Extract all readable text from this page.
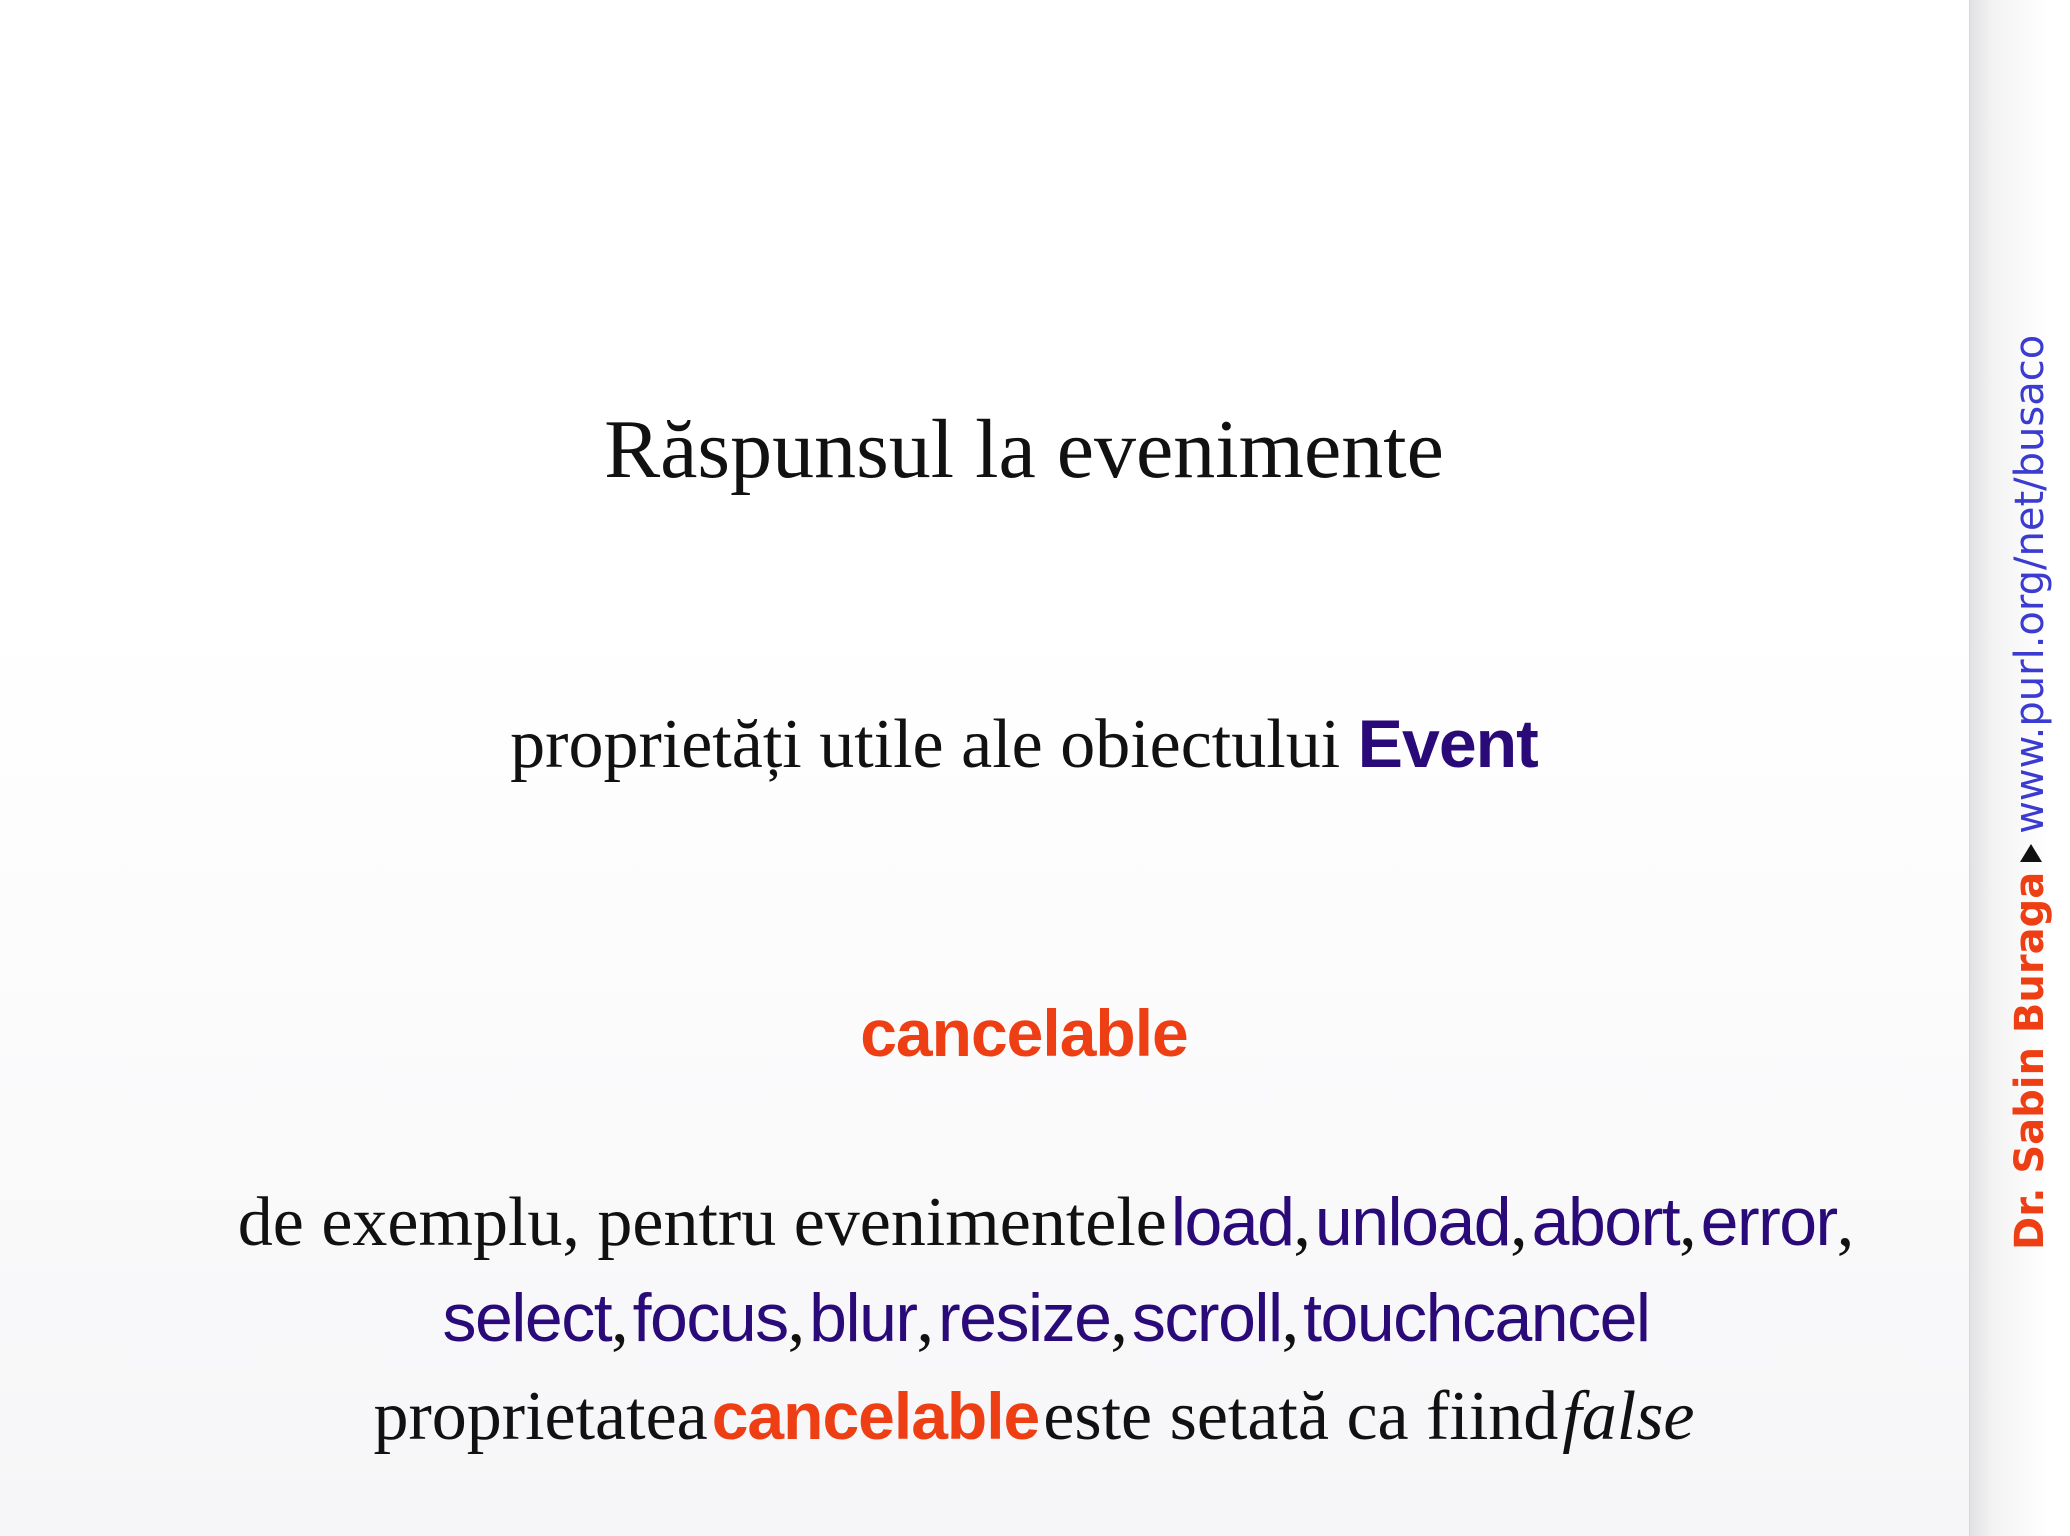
Răspunsul la evenimente
proprietăți utile ale obiectului Event
cancelable
de exemplu, pentru evenimentele load, unload, abort, error,
select, focus, blur, resize, scroll, touchcancel
proprietatea cancelable este setată ca fiind false
Dr. Sabin Buragawww.purl.org/net/busaco
